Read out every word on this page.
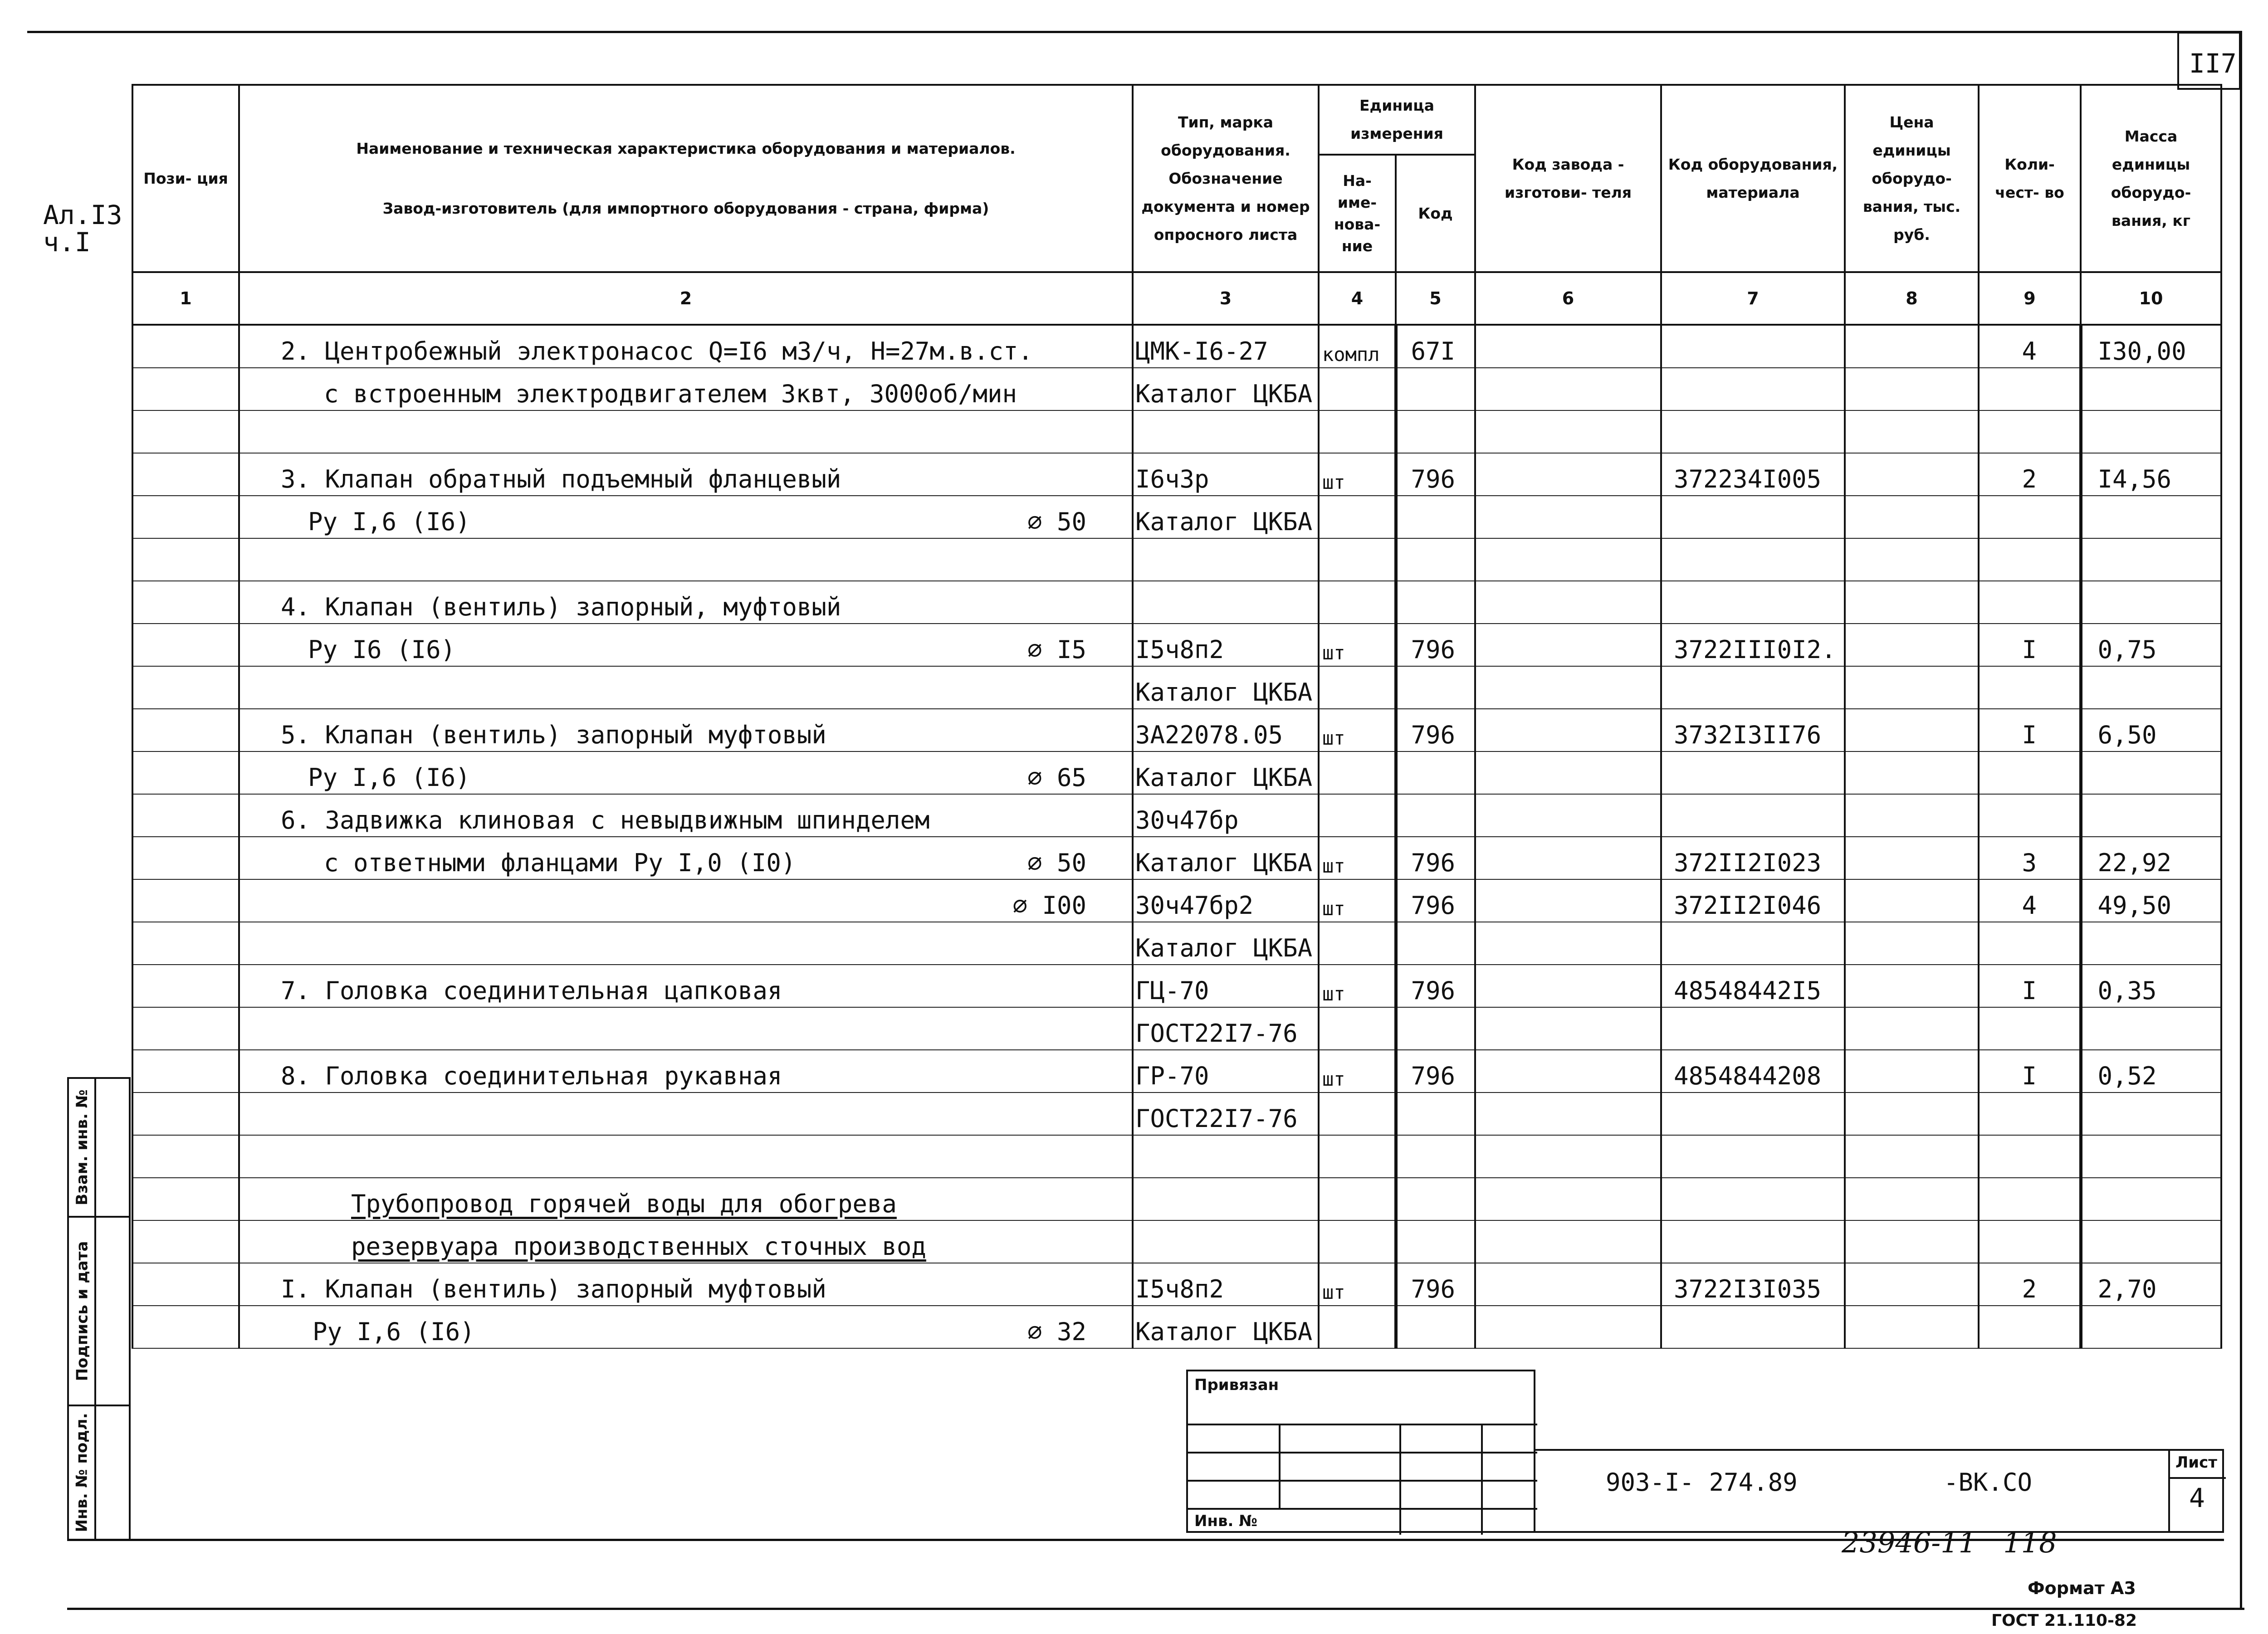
II7
Ал.I3
ч.I
Пози- ция	Наименование и техническая характеристика оборудования и материалов.
Завод-изготовитель (для импортного оборудования - страна, фирма)	Тип, марка оборудования. Обозначение документа и номер опросного листа	Единица измерения		Код завода - изготови- теля	Код оборудования, материала	Цена единицы оборудо- вания, тыс. руб.	Коли- чест- во	Масса единицы оборудо- вания, кг
			На- име- нова- ние	Код					
1	2	3	4	5	6	7	8	9	10
	2. Центробежный электронасос Q=I6 м3/ч, Н=27м.в.ст.	ЦМК-I6-27	компл	67I				4	I30,00
	с встроенным электродвигателем 3квт, 3000об/мин	Каталог ЦКБА							

	3. Клапан обратный подъемный фланцевый	I6ч3р	шт	796		372234I005		2	I4,56
	Ру I,6 (I6) ⌀ 50	Каталог ЦКБА							

	4. Клапан (вентиль) запорный, муфтовый

	Ру I6 (I6) ⌀ I5	I5ч8п2	шт	796		3722III0I2.		I	0,75

	Каталог ЦКБА							
	5. Клапан (вентиль) запорный муфтовый	3А22078.05	шт	796		3732I3II76		I	6,50
	Ру I,6 (I6) ⌀ 65	Каталог ЦКБА							
	6. Задвижка клиновая с невыдвижным шпинделем	30ч47бр							
	с ответными фланцами Ру I,0 (I0) ⌀ 50	Каталог ЦКБА	шт	796		372II2I023		3	22,92

	⌀ I00	30ч47бр2	шт	796		372II2I046		4	49,50

	Каталог ЦКБА							
	7. Головка соединительная цапковая	ГЦ-70	шт	796		48548442I5		I	0,35

	ГОСТ22I7-76							
	8. Головка соединительная рукавная	ГР-70	шт	796		4854844208		I	0,52

	ГОСТ22I7-76							

	Трубопровод горячей воды для обогрева

	резервуара производственных сточных вод

	I. Клапан (вентиль) запорный муфтовый	I5ч8п2	шт	796		3722I3I035		2	2,70
	Ру I,6 (I6) ⌀ 32	Каталог ЦКБА							
Взам. инв. №
Подпись и дата
Инв. № подл.
Привязан
Инв. №
903-I- 274.89	-ВК.СО
Лист
4
23946-11   118
Формат А3
ГОСТ 21.110-82
